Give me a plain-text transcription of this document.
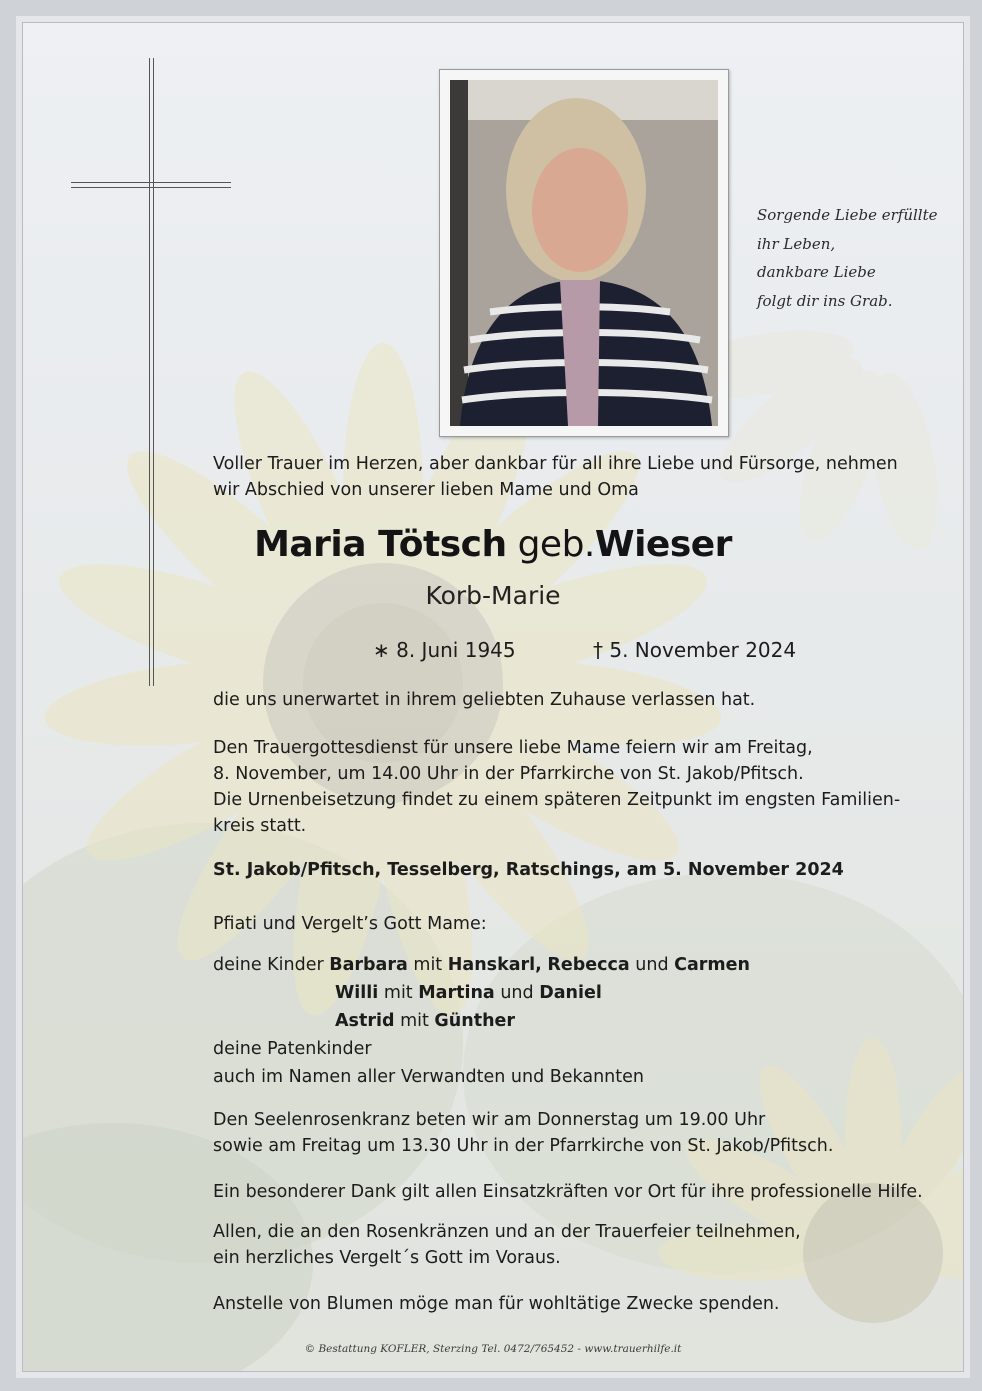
Sorgende Liebe erfüllte
ihr Leben,
dankbare Liebe
folgt dir ins Grab.

Voller Trauer im Herzen, aber dankbar für all ihre Liebe und Fürsorge, nehmen
wir Abschied von unserer lieben Mame und Oma

Maria Tötsch geb.Wieser
Korb-Marie
∗ 8. Juni 1945	† 5. November 2024

die uns unerwartet in ihrem geliebten Zuhause verlassen hat.

Den Trauergottesdienst für unsere liebe Mame feiern wir am Freitag,
8. November, um 14.00 Uhr in der Pfarrkirche von St. Jakob/Pfitsch.
Die Urnenbeisetzung findet zu einem späteren Zeitpunkt im engsten Familien-
kreis statt.

St. Jakob/Pfitsch, Tesselberg, Ratschings, am 5. November 2024

Pfiati und Vergelt’s Gott Mame:

deine Kinder Barbara mit Hanskarl, Rebecca und Carmen
Willi mit Martina und Daniel
Astrid mit Günther
deine Patenkinder
auch im Namen aller Verwandten und Bekannten

Den Seelenrosenkranz beten wir am Donnerstag um 19.00 Uhr
sowie am Freitag um 13.30 Uhr in der Pfarrkirche von St. Jakob/Pfitsch.

Ein besonderer Dank gilt allen Einsatzkräften vor Ort für ihre professionelle Hilfe.

Allen, die an den Rosenkränzen und an der Trauerfeier teilnehmen,
ein herzliches Vergelt´s Gott im Voraus.

Anstelle von Blumen möge man für wohltätige Zwecke spenden.

© Bestattung KOFLER, Sterzing Tel. 0472/765452 - www.trauerhilfe.it
